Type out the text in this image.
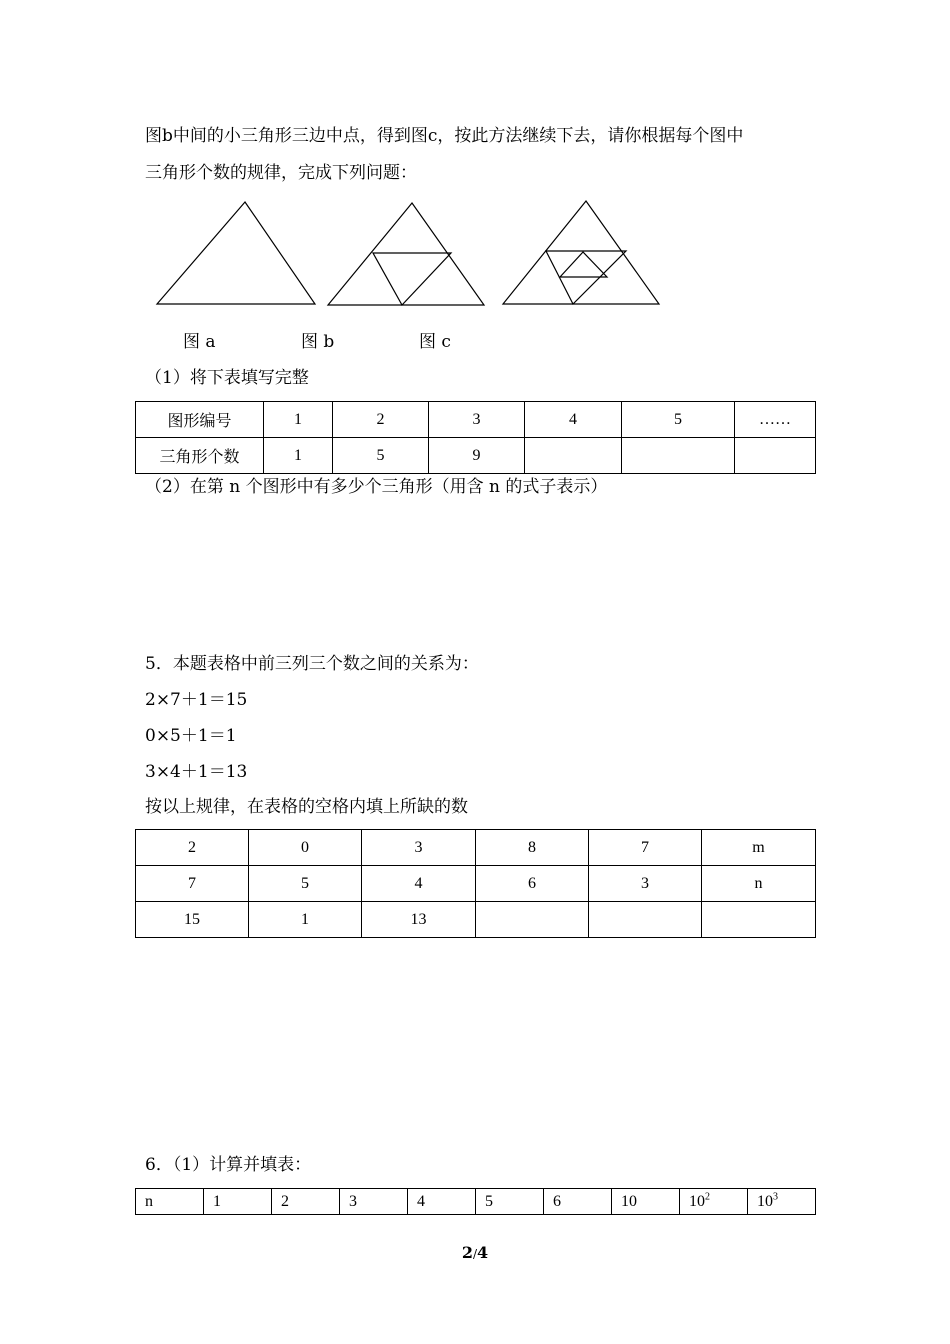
图b中间的小三角形三边中点，得到图c，按此方法继续下去，请你根据每个图中
三角形个数的规律，完成下列问题：
图 a	图 b	图 c
（1）将下表填写完整
图形编号	1	2	3	4	5	……
三角形个数	1	5	9			
（2）在第 n 个图形中有多少个三角形（用含 n 的式子表示）
5．本题表格中前三列三个数之间的关系为：
2×7＋1＝15
0×5＋1＝1
3×4＋1＝13
按以上规律，在表格的空格内填上所缺的数
2	0	3	8	7	m
7	5	4	6	3	n
15	1	13			
6．（1）计算并填表：
n	1	2	3	4	5	6	10	$10^2$	$10^3$
2/4
